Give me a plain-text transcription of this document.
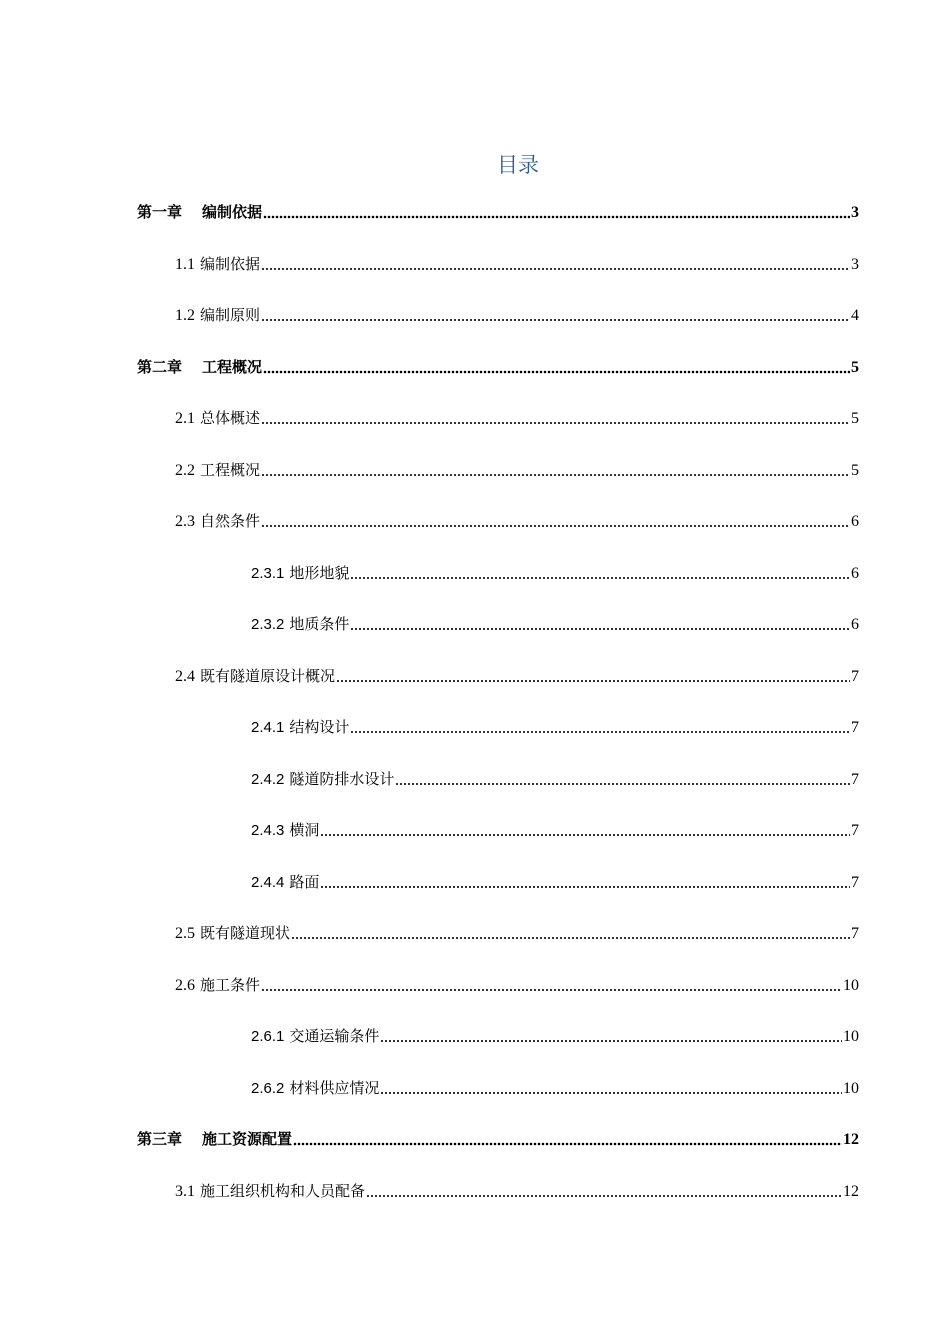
目录
第一章 编制依据	3
1.1 编制依据	3
1.2 编制原则	4
第二章 工程概况	5
2.1 总体概述	5
2.2 工程概况	5
2.3 自然条件	6
2.3.1 地形地貌	6
2.3.2 地质条件	6
2.4 既有隧道原设计概况	7
2.4.1 结构设计	7
2.4.2 隧道防排水设计	7
2.4.3 横洞	7
2.4.4 路面	7
2.5 既有隧道现状	7
2.6 施工条件	10
2.6.1 交通运输条件	10
2.6.2 材料供应情况	10
第三章 施工资源配置	12
3.1 施工组织机构和人员配备	12
